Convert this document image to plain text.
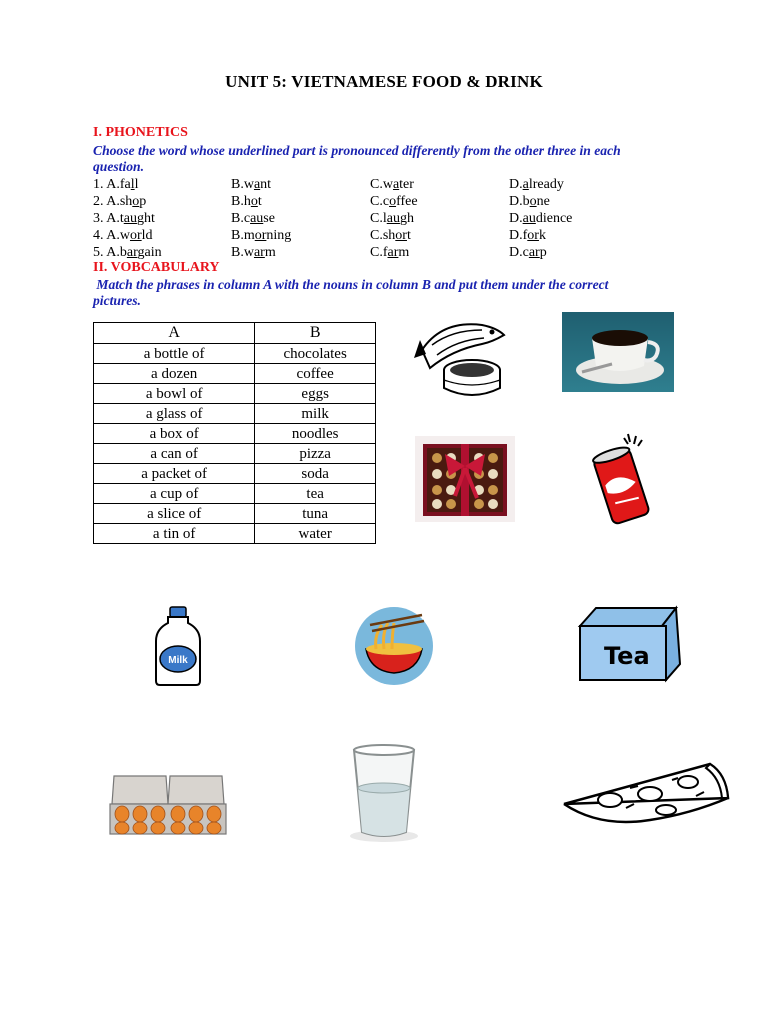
UNIT 5: VIETNAMESE FOOD & DRINK
I. PHONETICS
Choose the word whose underlined part is pronounced differently from the other three in each
question.
1. A.fall	B.want	C.water	D.already
2. A.shop	B.hot	C.coffee	D.bone
3. A.taught	B.cause	C.laugh	D.audience
4. A.world	B.morning	C.short	D.fork
5. A.bargain	B.warm	C.farm	D.carp
II. VOBCABULARY
Match the phrases in column A with the nouns in column B and put them under the correct
pictures.
A	B
a bottle of	chocolates
a dozen	coffee
a bowl of	eggs
a glass of	milk
a box of	noodles
a can of	pizza
a packet of	soda
a cup of	tea
a slice of	tuna
a tin of	water
Milk	Tea
